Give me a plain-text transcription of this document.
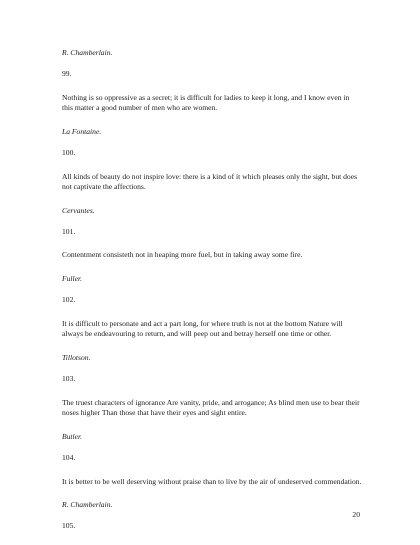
R. Chamberlain.

99.

Nothing is so oppressive as a secret; it is difficult for ladies to keep it long, and I know even in this matter a good number of men who are women.

La Fontaine.

100.

All kinds of beauty do not inspire love: there is a kind of it which pleases only the sight, but does not captivate the affections.

Cervantes.

101.

Contentment consisteth not in heaping more fuel, but in taking away some fire.

Fuller.

102.

It is difficult to personate and act a part long, for where truth is not at the bottom Nature will always be endeavouring to return, and will peep out and betray herself one time or other.

Tillotson.

103.

The truest characters of ignorance Are vanity, pride, and arrogance; As blind men use to bear their noses higher Than those that have their eyes and sight entire.

Butler.

104.

It is better to be well deserving without praise than to live by the air of undeserved commendation.

R. Chamberlain.

105.

20
